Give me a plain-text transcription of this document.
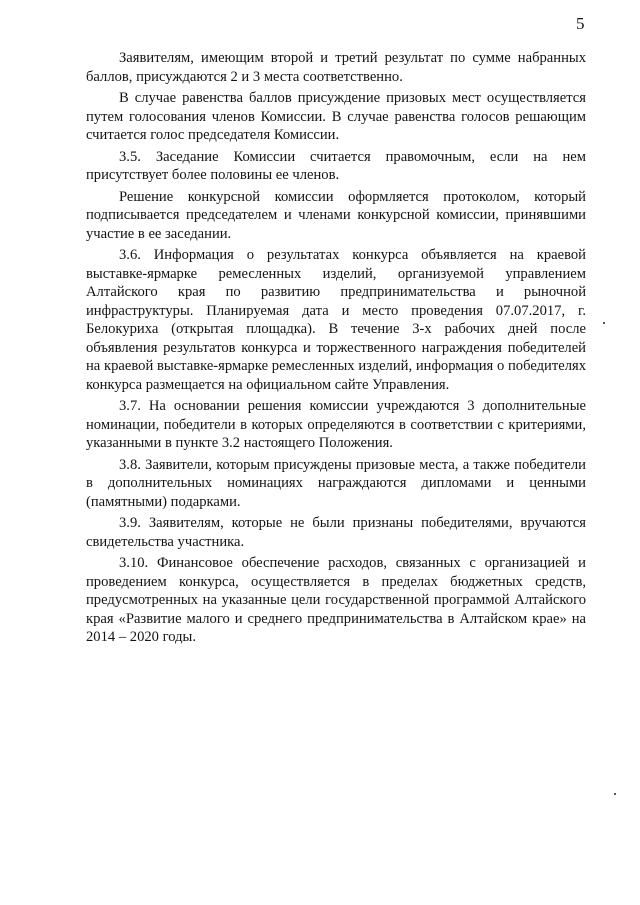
5

Заявителям, имеющим второй и третий результат по сумме набранных баллов, присуждаются 2 и 3 места соответственно.

В случае равенства баллов присуждение призовых мест осуществляется путем голосования членов Комиссии. В случае равенства голосов решающим считается голос председателя Комиссии.

3.5. Заседание Комиссии считается правомочным, если на нем присутствует более половины ее членов.

Решение конкурсной комиссии оформляется протоколом, который подписывается председателем и членами конкурсной комиссии, принявшими участие в ее заседании.

3.6. Информация о результатах конкурса объявляется на краевой выставке-ярмарке ремесленных изделий, организуемой управлением Алтайского края по развитию предпринимательства и рыночной инфраструктуры. Планируемая дата и место проведения 07.07.2017, г. Белокуриха (открытая площадка). В течение 3-х рабочих дней после объявления результатов конкурса и торжественного награждения победителей на краевой выставке-ярмарке ремесленных изделий, информация о победителях конкурса размещается на официальном сайте Управления.

3.7. На основании решения комиссии учреждаются 3 дополнительные номинации, победители в которых определяются в соответствии с критериями, указанными в пункте 3.2 настоящего Положения.

3.8. Заявители, которым присуждены призовые места, а также победители в дополнительных номинациях награждаются дипломами и ценными (памятными) подарками.

3.9. Заявителям, которые не были признаны победителями, вручаются свидетельства участника.

3.10. Финансовое обеспечение расходов, связанных с организацией и проведением конкурса, осуществляется в пределах бюджетных средств, предусмотренных на указанные цели государственной программой Алтайского края «Развитие малого и среднего предпринимательства в Алтайском крае» на 2014 – 2020 годы.
